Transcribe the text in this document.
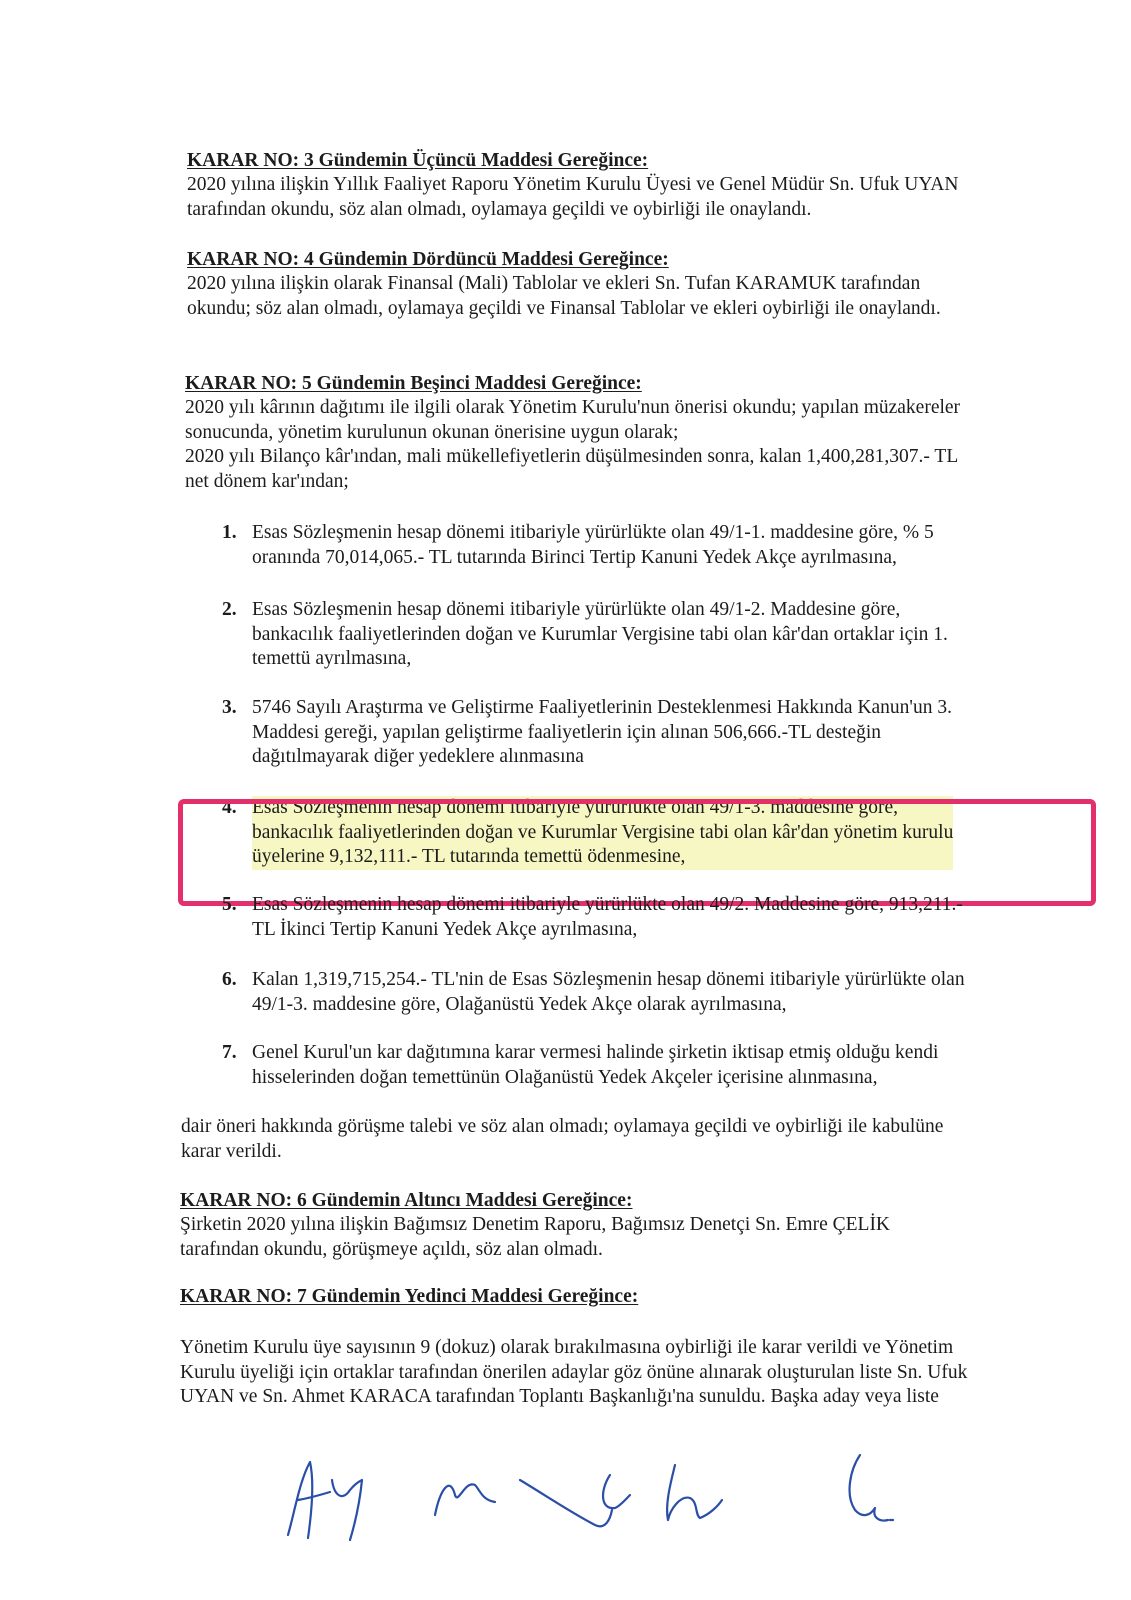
KARAR NO: 3 Gündemin Üçüncü Maddesi Gereğince:
2020 yılına ilişkin Yıllık Faaliyet Raporu Yönetim Kurulu Üyesi ve Genel Müdür Sn. Ufuk UYAN
tarafından okundu, söz alan olmadı, oylamaya geçildi ve oybirliği ile onaylandı.
KARAR NO: 4 Gündemin Dördüncü Maddesi Gereğince:
2020 yılına ilişkin olarak Finansal (Mali) Tablolar ve ekleri Sn. Tufan KARAMUK tarafından
okundu; söz alan olmadı, oylamaya geçildi ve Finansal Tablolar ve ekleri oybirliği ile onaylandı.
KARAR NO: 5 Gündemin Beşinci Maddesi Gereğince:
2020 yılı kârının dağıtımı ile ilgili olarak Yönetim Kurulu'nun önerisi okundu; yapılan müzakereler
sonucunda, yönetim kurulunun okunan önerisine uygun olarak;
2020 yılı Bilanço kâr'ından, mali mükellefiyetlerin düşülmesinden sonra, kalan 1,400,281,307.- TL
net dönem kar'ından;
1. Esas Sözleşmenin hesap dönemi itibariyle yürürlükte olan 49/1-1. maddesine göre, % 5
oranında 70,014,065.- TL tutarında Birinci Tertip Kanuni Yedek Akçe ayrılmasına,
2. Esas Sözleşmenin hesap dönemi itibariyle yürürlükte olan 49/1-2. Maddesine göre,
bankacılık faaliyetlerinden doğan ve Kurumlar Vergisine tabi olan kâr'dan ortaklar için 1.
temettü ayrılmasına,
3. 5746 Sayılı Araştırma ve Geliştirme Faaliyetlerinin Desteklenmesi Hakkında Kanun'un 3.
Maddesi gereği, yapılan geliştirme faaliyetlerin için alınan 506,666.-TL desteğin
dağıtılmayarak diğer yedeklere alınmasına
4. Esas Sözleşmenin hesap dönemi itibariyle yürürlükte olan 49/1-3. maddesine göre,
bankacılık faaliyetlerinden doğan ve Kurumlar Vergisine tabi olan kâr'dan yönetim kurulu
üyelerine 9,132,111.- TL tutarında temettü ödenmesine,
5. Esas Sözleşmenin hesap dönemi itibariyle yürürlükte olan 49/2. Maddesine göre, 913,211.-
TL İkinci Tertip Kanuni Yedek Akçe ayrılmasına,
6. Kalan 1,319,715,254.- TL'nin de Esas Sözleşmenin hesap dönemi itibariyle yürürlükte olan
49/1-3. maddesine göre, Olağanüstü Yedek Akçe olarak ayrılmasına,
7. Genel Kurul'un kar dağıtımına karar vermesi halinde şirketin iktisap etmiş olduğu kendi
hisselerinden doğan temettünün Olağanüstü Yedek Akçeler içerisine alınmasına,
dair öneri hakkında görüşme talebi ve söz alan olmadı; oylamaya geçildi ve oybirliği ile kabulüne
karar verildi.
KARAR NO: 6 Gündemin Altıncı Maddesi Gereğince:
Şirketin 2020 yılına ilişkin Bağımsız Denetim Raporu, Bağımsız Denetçi Sn. Emre ÇELİK
tarafından okundu, görüşmeye açıldı, söz alan olmadı.
KARAR NO: 7 Gündemin Yedinci Maddesi Gereğince:
Yönetim Kurulu üye sayısının 9 (dokuz) olarak bırakılmasına oybirliği ile karar verildi ve Yönetim
Kurulu üyeliği için ortaklar tarafından önerilen adaylar göz önüne alınarak oluşturulan liste Sn. Ufuk
UYAN ve Sn. Ahmet KARACA tarafından Toplantı Başkanlığı'na sunuldu. Başka aday veya liste
